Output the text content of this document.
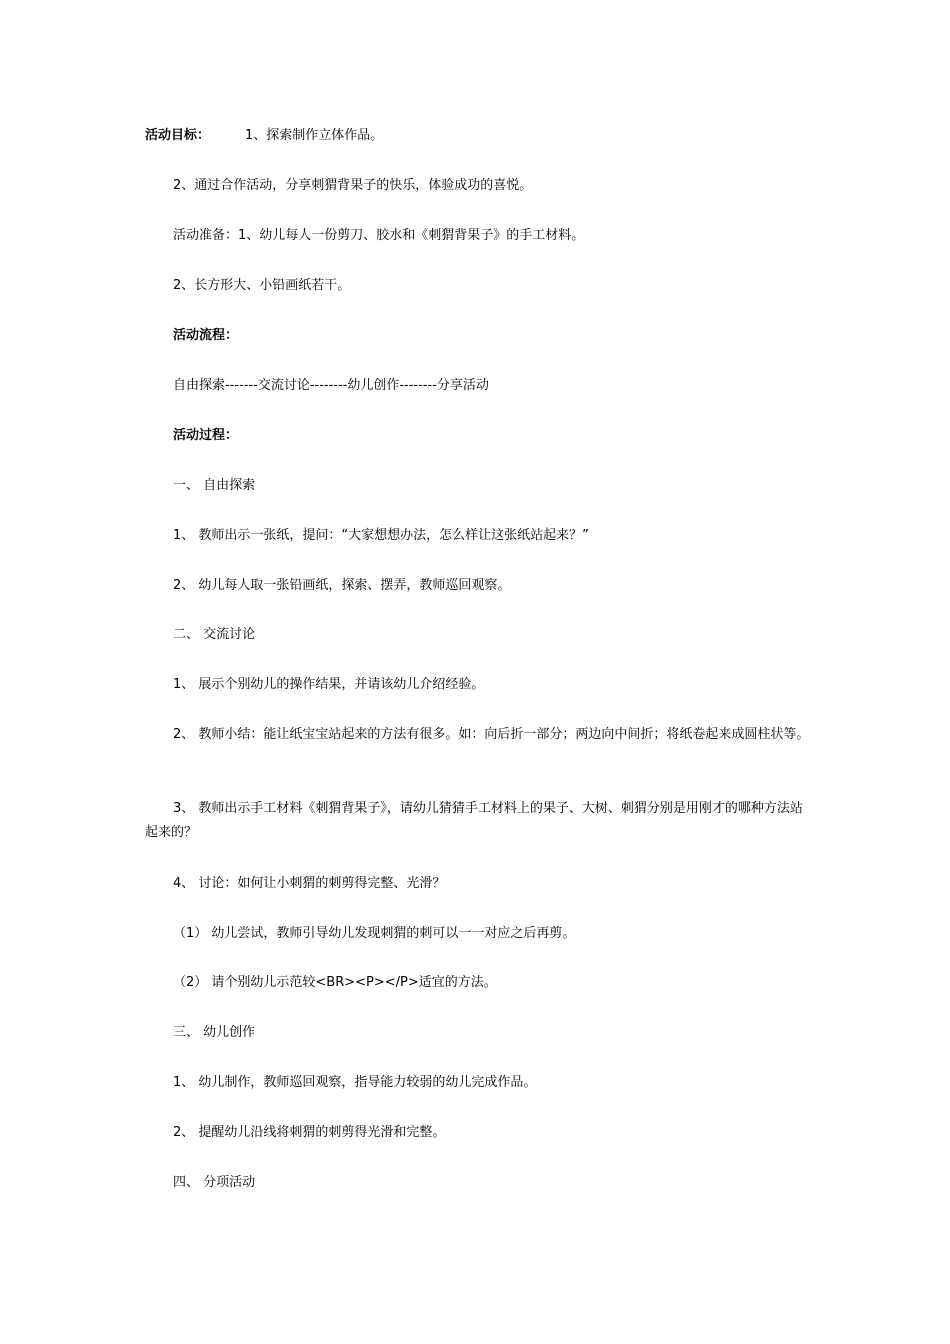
活动目标：	1、探索制作立体作品。
2、通过合作活动，分享刺猬背果子的快乐，体验成功的喜悦。
活动准备：1、幼儿每人一份剪刀、胶水和《刺猬背果子》的手工材料。
2、长方形大、小铅画纸若干。
活动流程：
自由探索-------交流讨论--------幼儿创作--------分享活动
活动过程：
一、 自由探索
1、 教师出示一张纸，提问：“大家想想办法，怎么样让这张纸站起来？”
2、 幼儿每人取一张铅画纸，探索、摆弄，教师巡回观察。
二、 交流讨论
1、 展示个别幼儿的操作结果，并请该幼儿介绍经验。
2、 教师小结：能让纸宝宝站起来的方法有很多。如：向后折一部分；两边向中间折；将纸卷起来成圆柱状等。
3、 教师出示手工材料《刺猬背果子》，请幼儿猜猜手工材料上的果子、大树、刺猬分别是用刚才的哪种方法站起来的？
4、 讨论：如何让小刺猬的刺剪得完整、光滑？
（1） 幼儿尝试，教师引导幼儿发现刺猬的刺可以一一对应之后再剪。
（2） 请个别幼儿示范较<BR><P></P>适宜的方法。
三、 幼儿创作
1、 幼儿制作，教师巡回观察，指导能力较弱的幼儿完成作品。
2、 提醒幼儿沿线将刺猬的刺剪得光滑和完整。
四、 分项活动
